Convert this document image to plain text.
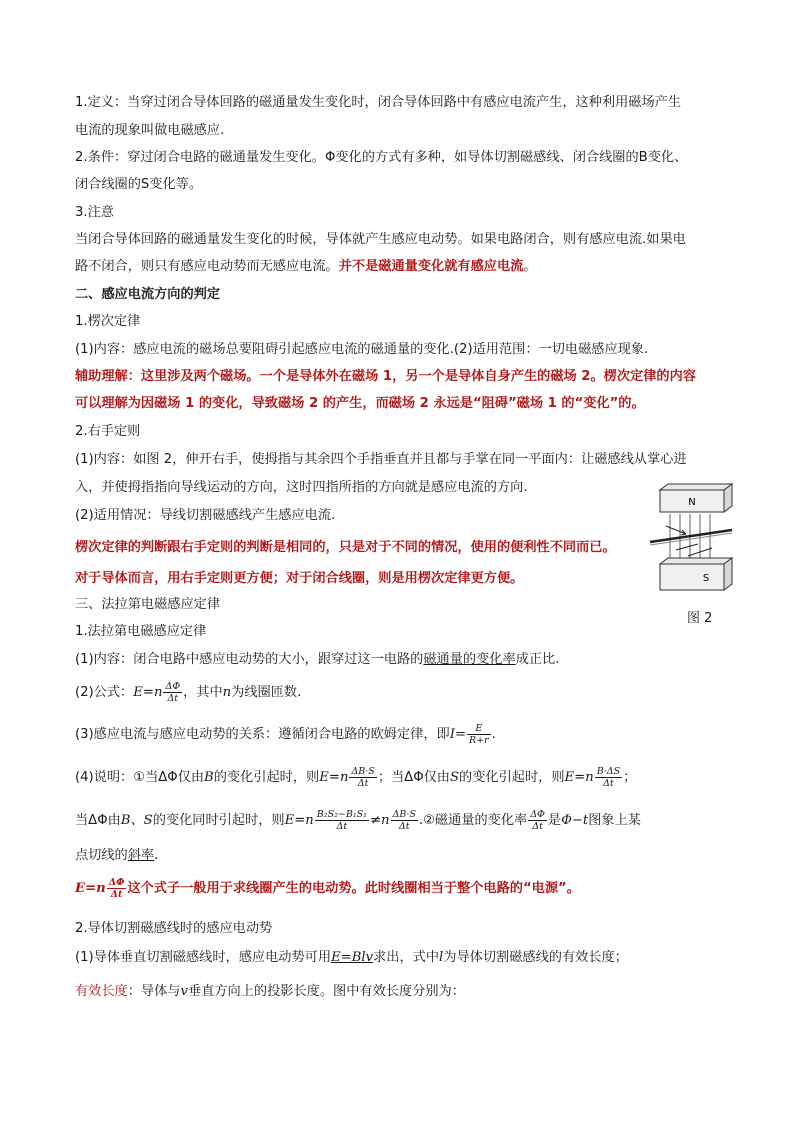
1.定义：当穿过闭合导体回路的磁通量发生变化时，闭合导体回路中有感应电流产生，这种利用磁场产生
电流的现象叫做电磁感应.
2.条件：穿过闭合电路的磁通量发生变化。Φ变化的方式有多种，如导体切割磁感线、闭合线圈的B变化、
闭合线圈的S变化等。
3.注意
当闭合导体回路的磁通量发生变化的时候，导体就产生感应电动势。如果电路闭合，则有感应电流.如果电
路不闭合，则只有感应电动势而无感应电流。并不是磁通量变化就有感应电流。
二、感应电流方向的判定
1.楞次定律
(1)内容：感应电流的磁场总要阻碍引起感应电流的磁通量的变化.(2)适用范围：一切电磁感应现象.
辅助理解：这里涉及两个磁场。一个是导体外在磁场 1，另一个是导体自身产生的磁场 2。楞次定律的内容
可以理解为因磁场 1 的变化，导致磁场 2 的产生，而磁场 2 永远是“阻碍”磁场 1 的“变化”的。
2.右手定则
(1)内容：如图 2，伸开右手，使拇指与其余四个手指垂直并且都与手掌在同一平面内：让磁感线从掌心进
入，并使拇指指向导线运动的方向，这时四指所指的方向就是感应电流的方向.
(2)适用情况：导线切割磁感线产生感应电流.
楞次定律的判断跟右手定则的判断是相同的，只是对于不同的情况，使用的便利性不同而已。
对于导体而言，用右手定则更方便；对于闭合线圈，则是用楞次定律更方便。
三、法拉第电磁感应定律
1.法拉第电磁感应定律
(1)内容：闭合电路中感应电动势的大小，跟穿过这一电路的磁通量的变化率成正比.
(2)公式：$E=n \frac{\Delta\Phi}{\Delta t}$ ，其中n为线圈匝数.
(3)感应电流与感应电动势的关系：遵循闭合电路的欧姆定律，即$I= \frac{E}{R+r}$ .
(4)说明：①当ΔΦ仅由B的变化引起时，则$E=n \frac{\Delta B\cdot S}{\Delta t}$ ；当ΔΦ仅由S的变化引起时，则$E=n \frac{B\cdot\Delta S}{\Delta t}$ ；
当ΔΦ由B、S的变化同时引起时，则$E=n \frac{\text{B₂S₂−B₁S₁}}{\Delta t} \ne n \frac{\Delta B\cdot S}{\Delta t}$ .②磁通量的变化率 $\frac{\Delta\Phi}{\Delta t}$ 是Φ−t图象上某
点切线的斜率.
$E=n \frac{\Delta\Phi}{\Delta t}$ 这个式子一般用于求线圈产生的电动势。此时线圈相当于整个电路的“电源”。
2.导体切割磁感线时的感应电动势
(1)导体垂直切割磁感线时，感应电动势可用E=Blv求出，式中l为导体切割磁感线的有效长度；
有效长度：导体与v垂直方向上的投影长度。图中有效长度分别为：
N
S
图 2
